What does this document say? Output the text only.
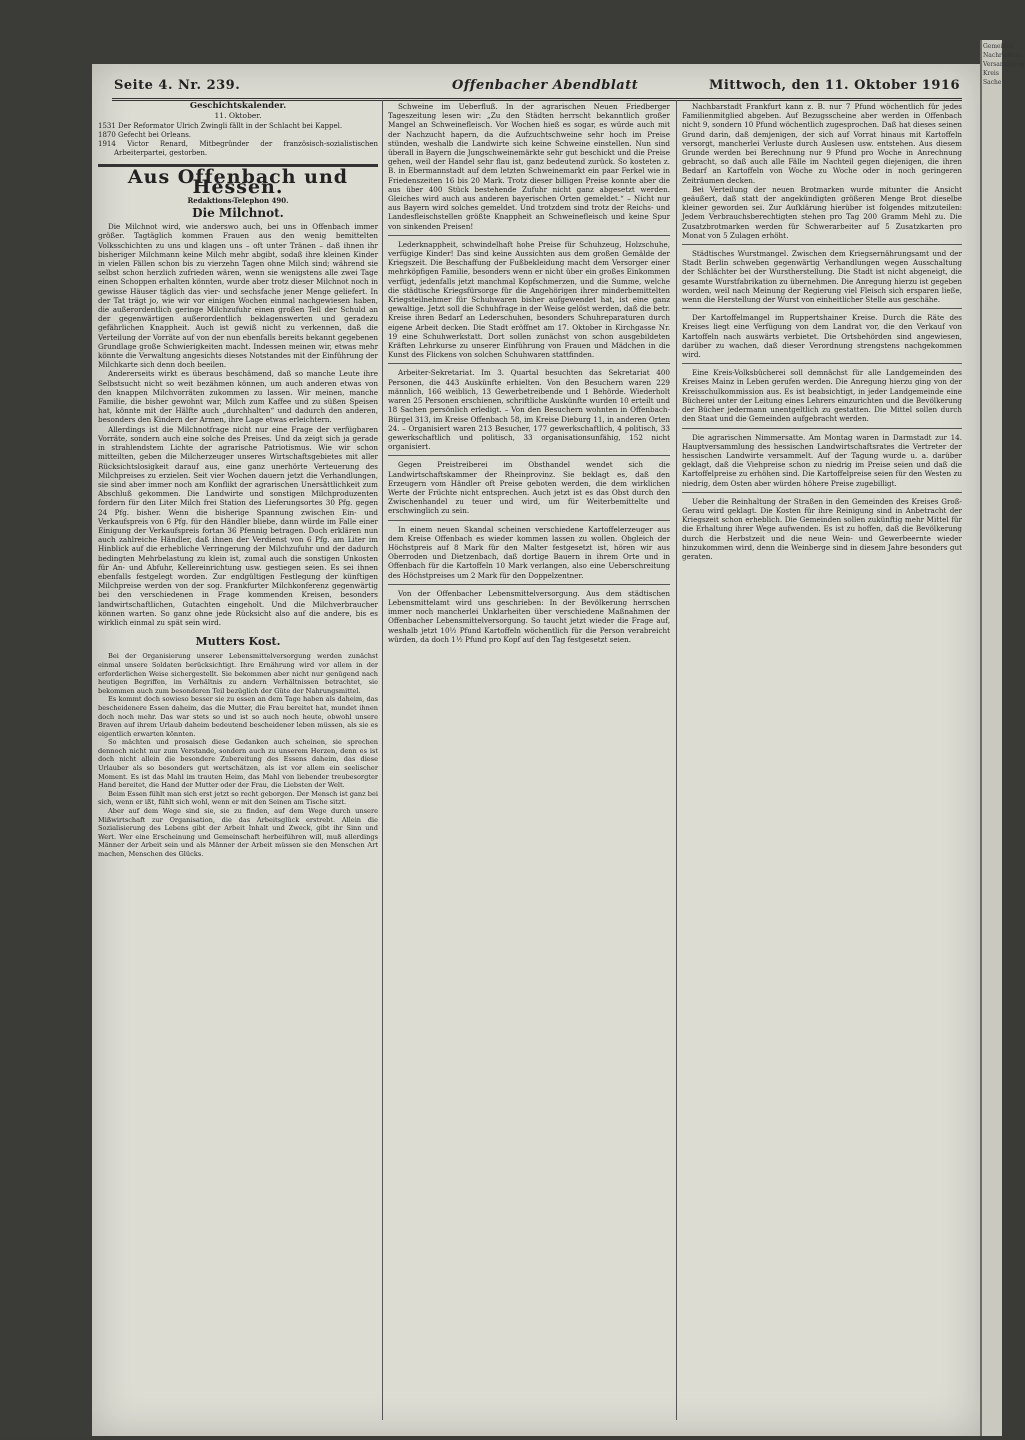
Seite 4. Nr. 239.	Offenbacher Abendblatt	Mittwoch, den 11. Oktober 1916
Geschichtskalender.
11. Oktober.
1531 Der Reformator Ulrich Zwingli fällt in der Schlacht bei Kappel.
1870 Gefecht bei Orleans.
1914 Victor Renard, Mitbegründer der französisch-sozialistischen Arbeiterpartei, gestorben.
Aus Offenbach und Hessen.
Redaktions-Telephon 490.
Die Milchnot.

Die Milchnot wird, wie anderswo auch, bei uns in Offenbach immer größer. Tagtäglich kommen Frauen aus den wenig bemittelten Volksschichten zu uns und klagen uns – oft unter Tränen – daß ihnen ihr bisheriger Milchmann keine Milch mehr abgibt, sodaß ihre kleinen Kinder in vielen Fällen schon bis zu vierzehn Tagen ohne Milch sind; während sie selbst schon herzlich zufrieden wären, wenn sie wenigstens alle zwei Tage einen Schoppen erhalten könnten, wurde aber trotz dieser Milchnot noch in gewisse Häuser täglich das vier- und sechsfache jener Menge geliefert. In der Tat trägt jo, wie wir vor einigen Wochen einmal nachgewiesen haben, die außerordentlich geringe Milchzufuhr einen großen Teil der Schuld an der gegenwärtigen außerordentlich beklagenswerten und geradezu gefährlichen Knappheit. Auch ist gewiß nicht zu verkennen, daß die Verteilung der Vorräte auf von der nun ebenfalls bereits bekannt gegebenen Grundlage große Schwierigkeiten macht. Indessen meinen wir, etwas mehr könnte die Verwaltung angesichts dieses Notstandes mit der Einführung der Milchkarte sich denn doch beeilen.

Andererseits wirkt es überaus beschämend, daß so manche Leute ihre Selbstsucht nicht so weit bezähmen können, um auch anderen etwas von den knappen Milchvorräten zukommen zu lassen. Wir meinen, manche Familie, die bisher gewohnt war, Milch zum Kaffee und zu süßen Speisen hat, könnte mit der Hälfte auch „durchhalten“ und dadurch den anderen, besonders den Kindern der Armen, ihre Lage etwas erleichtern.

Allerdings ist die Milchnotfrage nicht nur eine Frage der verfügbaren Vorräte, sondern auch eine solche des Preises. Und da zeigt sich ja gerade in strahlendstem Lichte der agrarische Patriotismus. Wie wir schon mitteilten, geben die Milcherzeuger unseres Wirtschaftsgebietes mit aller Rücksichtslosigkeit darauf aus, eine ganz unerhörte Verteuerung des Milchpreises zu erzielen. Seit vier Wochen dauern jetzt die Verhandlungen, sie sind aber immer noch am Konflikt der agrarischen Unersättlichkeit zum Abschluß gekommen. Die Landwirte und sonstigen Milchproduzenten fordern für den Liter Milch frei Station des Lieferungsortes 30 Pfg. gegen 24 Pfg. bisher. Wenn die bisherige Spannung zwischen Ein- und Verkaufspreis von 6 Pfg. für den Händler bliebe, dann würde im Falle einer Einigung der Verkaufspreis fortan 36 Pfennig betragen. Doch erklären nun auch zahlreiche Händler, daß ihnen der Verdienst von 6 Pfg. am Liter im Hinblick auf die erhebliche Verringerung der Milchzufuhr und der dadurch bedingten Mehrbelastung zu klein ist, zumal auch die sonstigen Unkosten für An- und Abfuhr, Kellereinrichtung usw. gestiegen seien. Es sei ihnen ebenfalls festgelegt worden. Zur endgültigen Festlegung der künftigen Milchpreise werden von der sog. Frankfurter Milchkonferenz gegenwärtig bei den verschiedenen in Frage kommenden Kreisen, besonders landwirtschaftlichen, Gutachten eingeholt. Und die Milchverbraucher können warten. So ganz ohne jede Rücksicht also auf die andere, bis es wirklich einmal zu spät sein wird.

Mutters Kost.

Bei der Organisierung unserer Lebensmittelversorgung werden zunächst einmal unsere Soldaten berücksichtigt. Ihre Ernährung wird vor allem in der erforderlichen Weise sichergestellt. Sie bekommen aber nicht nur genügend nach heutigen Begriffen, im Verhältnis zu andern Verhältnissen betrachtet, sie bekommen auch zum besonderen Teil bezüglich der Güte der Nahrungsmittel.

Es kommt doch sowieso besser sie zu essen an dem Tage haben als daheim, das bescheidenere Essen daheim, das die Mutter, die Frau bereitet hat, mundet ihnen doch noch mehr. Das war stets so und ist so auch noch heute, obwohl unsere Braven auf ihrem Urlaub daheim bedeutend bescheidener leben müssen, als sie es eigentlich erwarten könnten.

So mächten und prosaisch diese Gedanken auch scheinen, sie sprechen dennoch nicht nur zum Verstande, sondern auch zu unserem Herzen, denn es ist doch nicht allein die besondere Zubereitung des Essens daheim, das diese Urlauber als so besonders gut wertschätzen, als ist vor allem ein seelischer Moment. Es ist das Mahl im trauten Heim, das Mahl von liebender treubesorgter Hand bereitet, die Hand der Mutter oder der Frau, die Liebsten der Welt.

Beim Essen fühlt man sich erst jetzt so recht geborgen. Der Mensch ist ganz bei sich, wenn er ißt, fühlt sich wohl, wenn er mit den Seinen am Tische sitzt.

Aber auf dem Wege sind sie, sie zu finden, auf dem Wege durch unsere Mißwirtschaft zur Organisation, die das Arbeitsglück erstrebt. Allein die Sozialisierung des Lebens gibt der Arbeit Inhalt und Zweck, gibt ihr Sinn und Wert. Wer eine Erscheinung und Gemeinschaft herbeiführen will, muß allerdings Männer der Arbeit sein und als Männer der Arbeit müssen sie den Menschen Art machen, Menschen des Glücks.

Schweine im Ueberfluß. In der agrarischen Neuen Friedberger Tageszeitung lesen wir: „Zu den Städten herrscht bekanntlich großer Mangel an Schweinefleisch. Vor Wochen hieß es sogar, es würde auch mit der Nachzucht hapern, da die Aufzuchtschweine sehr hoch im Preise stünden, weshalb die Landwirte sich keine Schweine einstellen. Nun sind überall in Bayern die Jungschweinemärkte sehr gut beschickt und die Preise gehen, weil der Handel sehr flau ist, ganz bedeutend zurück. So kosteten z. B. in Ebermannstadt auf dem letzten Schweinemarkt ein paar Ferkel wie in Friedenszeiten 16 bis 20 Mark. Trotz dieser billigen Preise konnte aber die aus über 400 Stück bestehende Zufuhr nicht ganz abgesetzt werden. Gleiches wird auch aus anderen bayerischen Orten gemeldet.“ – Nicht nur aus Bayern wird solches gemeldet. Und trotzdem sind trotz der Reichs- und Landesfleischstellen größte Knappheit an Schweinefleisch und keine Spur von sinkenden Preisen!

Lederknappheit, schwindelhaft hohe Preise für Schuhzeug, Holzschuhe, verfügige Kinder! Das sind keine Aussichten aus dem großen Gemälde der Kriegszeit. Die Beschaffung der Fußbekleidung macht dem Versorger einer mehrköpfigen Familie, besonders wenn er nicht über ein großes Einkommen verfügt, jedenfalls jetzt manchmal Kopfschmerzen, und die Summe, welche die städtische Kriegsfürsorge für die Angehörigen ihrer minderbemittelten Kriegsteilnehmer für Schuhwaren bisher aufgewendet hat, ist eine ganz gewaltige. Jetzt soll die Schuhfrage in der Weise gelöst werden, daß die betr. Kreise ihren Bedarf an Lederschuhen, besonders Schuhreparaturen durch eigene Arbeit decken. Die Stadt eröffnet am 17. Oktober in Kirchgasse Nr. 19 eine Schuhwerkstatt. Dort sollen zunächst von schon ausgebildeten Kräften Lehrkurse zu unserer Einführung von Frauen und Mädchen in die Kunst des Flickens von solchen Schuhwaren stattfinden.

Arbeiter-Sekretariat. Im 3. Quartal besuchten das Sekretariat 400 Personen, die 443 Auskünfte erhielten. Von den Besuchern waren 229 männlich, 166 weiblich, 13 Gewerbetreibende und 1 Behörde. Wiederholt waren 25 Personen erschienen, schriftliche Auskünfte wurden 10 erteilt und 18 Sachen persönlich erledigt. – Von den Besuchern wohnten in Offenbach-Bürgel 313, im Kreise Offenbach 58, im Kreise Dieburg 11, in anderen Orten 24. – Organisiert waren 213 Besucher, 177 gewerkschaftlich, 4 politisch, 33 gewerkschaftlich und politisch, 33 organisationsunfähig, 152 nicht organisiert.

Gegen Preistreiberei im Obsthandel wendet sich die Landwirtschaftskammer der Rheinprovinz. Sie beklagt es, daß den Erzeugern vom Händler oft Preise geboten werden, die dem wirklichen Werte der Früchte nicht entsprechen. Auch jetzt ist es das Obst durch den Zwischenhandel zu teuer und wird, um für Weiterbemittelte und erschwinglich zu sein.

In einem neuen Skandal scheinen verschiedene Kartoffelerzeuger aus dem Kreise Offenbach es wieder kommen lassen zu wollen. Obgleich der Höchstpreis auf 8 Mark für den Malter festgesetzt ist, hören wir aus Oberroden und Dietzenbach, daß dortige Bauern in ihrem Orte und in Offenbach für die Kartoffeln 10 Mark verlangen, also eine Ueberschreitung des Höchstpreises um 2 Mark für den Doppelzentner.

Von der Offenbacher Lebensmittelversorgung. Aus dem städtischen Lebensmittelamt wird uns geschrieben: In der Bevölkerung herrschen immer noch mancherlei Unklarheiten über verschiedene Maßnahmen der Offenbacher Lebensmittelversorgung. So taucht jetzt wieder die Frage auf, weshalb jetzt 10½ Pfund Kartoffeln wöchentlich für die Person verabreicht würden, da doch 1½ Pfund pro Kopf auf den Tag festgesetzt seien.

Nachbarstadt Frankfurt kann z. B. nur 7 Pfund wöchentlich für jedes Familienmitglied abgeben. Auf Bezugsscheine aber werden in Offenbach nicht 9, sondern 10 Pfund wöchentlich zugesprochen. Daß hat dieses seinen Grund darin, daß demjenigen, der sich auf Vorrat hinaus mit Kartoffeln versorgt, mancherlei Verluste durch Auslesen usw. entstehen. Aus diesem Grunde werden bei Berechnung nur 9 Pfund pro Woche in Anrechnung gebracht, so daß auch alle Fälle im Nachteil gegen diejenigen, die ihren Bedarf an Kartoffeln von Woche zu Woche oder in noch geringeren Zeiträumen decken.

Bei Verteilung der neuen Brotmarken wurde mitunter die Ansicht geäußert, daß statt der angekündigten größeren Menge Brot dieselbe kleiner geworden sei. Zur Aufklärung hierüber ist folgendes mitzuteilen: Jedem Verbrauchsberechtigten stehen pro Tag 200 Gramm Mehl zu. Die Zusatzbrotmarken werden für Schwerarbeiter auf 5 Zusatzkarten pro Monat von 5 Zulagen erhöht.

Städtisches Wurstmangel. Zwischen dem Kriegsernährungsamt und der Stadt Berlin schweben gegenwärtig Verhandlungen wegen Ausschaltung der Schlächter bei der Wurstherstellung. Die Stadt ist nicht abgeneigt, die gesamte Wurstfabrikation zu übernehmen. Die Anregung hierzu ist gegeben worden, weil nach Meinung der Regierung viel Fleisch sich ersparen ließe, wenn die Herstellung der Wurst von einheitlicher Stelle aus geschähe.

Der Kartoffelmangel im Ruppertshainer Kreise. Durch die Räte des Kreises liegt eine Verfügung von dem Landrat vor, die den Verkauf von Kartoffeln nach auswärts verbietet. Die Ortsbehörden sind angewiesen, darüber zu wachen, daß dieser Verordnung strengstens nachgekommen wird.

Eine Kreis-Volksbücherei soll demnächst für alle Landgemeinden des Kreises Mainz in Leben gerufen werden. Die Anregung hierzu ging von der Kreisschulkommission aus. Es ist beabsichtigt, in jeder Landgemeinde eine Bücherei unter der Leitung eines Lehrers einzurichten und die Bevölkerung der Bücher jedermann unentgeltlich zu gestatten. Die Mittel sollen durch den Staat und die Gemeinden aufgebracht werden.

Die agrarischen Nimmersatte. Am Montag waren in Darmstadt zur 14. Hauptversammlung des hessischen Landwirtschaftsrates die Vertreter der hessischen Landwirte versammelt. Auf der Tagung wurde u. a. darüber geklagt, daß die Viehpreise schon zu niedrig im Preise seien und daß die Kartoffelpreise zu erhöhen sind. Die Kartoffelpreise seien für den Westen zu niedrig, dem Osten aber würden höhere Preise zugebilligt.

Ueber die Reinhaltung der Straßen in den Gemeinden des Kreises Groß-Gerau wird geklagt. Die Kosten für ihre Reinigung sind in Anbetracht der Kriegszeit schon erheblich. Die Gemeinden sollen zukünftig mehr Mittel für die Erhaltung ihrer Wege aufwenden. Es ist zu hoffen, daß die Bevölkerung durch die Herbstzeit und die neue Wein- und Gewerbeernte wieder hinzukommen wird, denn die Weinberge sind in diesem Jahre besonders gut geraten.

Gemeinde Nachrichten Versammlung Kreis Sache
